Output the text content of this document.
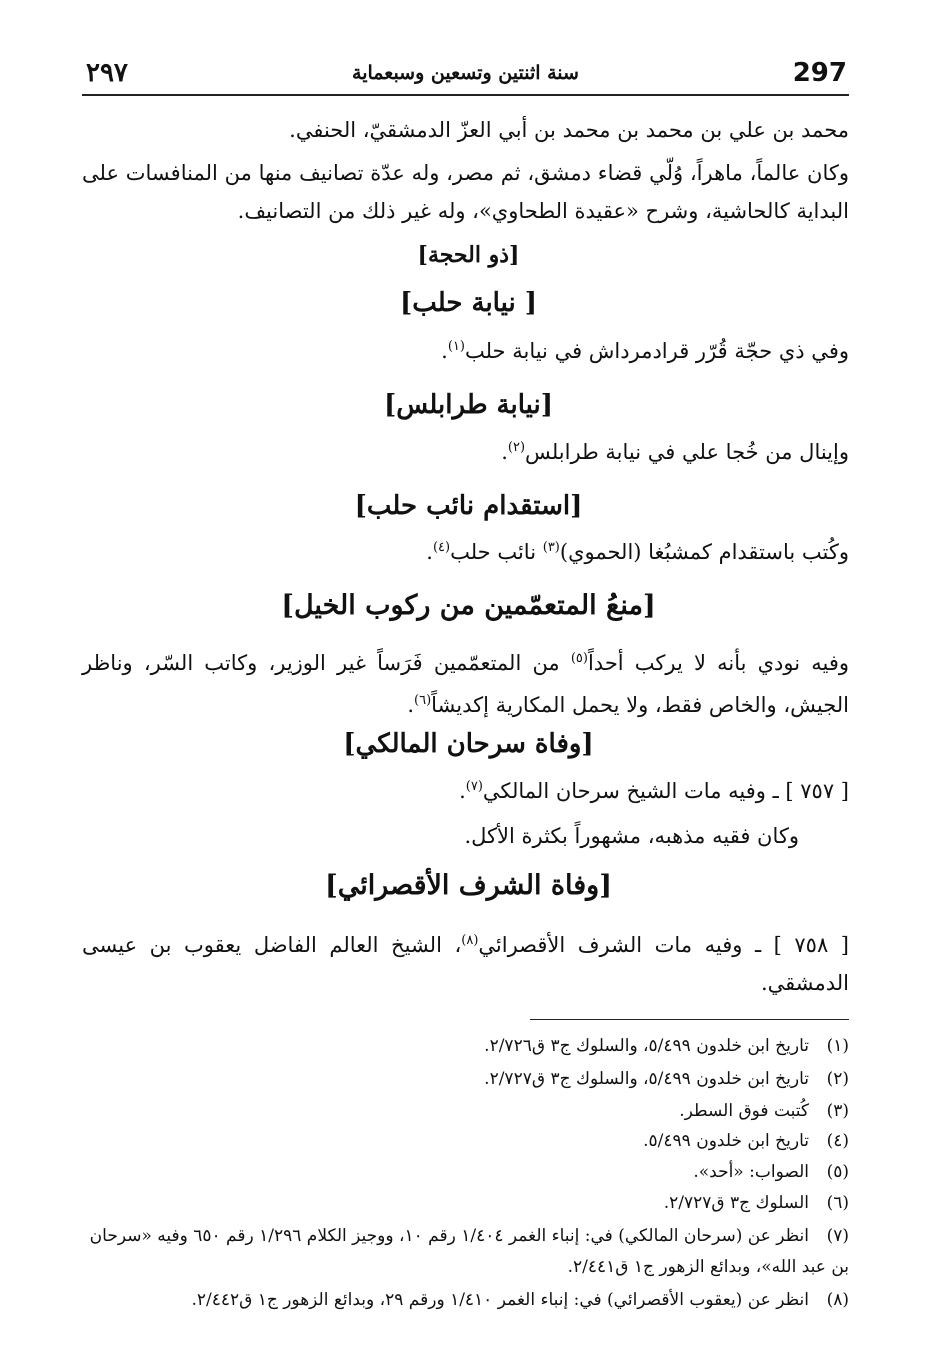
٢٩٧	سنة اثنتين وتسعين وسبعماية	297
محمد بن علي بن محمد بن محمد بن أبي العزّ الدمشقيّ، الحنفي.
وكان عالماً، ماهراً، وُلّي قضاء دمشق، ثم مصر، وله عدّة تصانيف منها من المنافسات على البداية كالحاشية، وشرح «عقيدة الطحاوي»، وله غير ذلك من التصانيف.
[ذو الحجة]
[ نيابة حلب]
وفي ذي حجّة قُرّر قرادمرداش في نيابة حلب$^{(١)}$.
[نيابة طرابلس]
وإينال من خُجا علي في نيابة طرابلس$^{(٢)}$.
[استقدام نائب حلب]
وكُتب باستقدام كمشبُغا (الحموي)$^{(٣)}$ نائب حلب$^{(٤)}$.
[منعُ المتعمّمين من ركوب الخيل]
وفيه نودي بأنه لا يركب أحداً$^{(٥)}$ من المتعمّمين فَرَساً غير الوزير، وكاتب السّر، وناظر الجيش، والخاص فقط، ولا يحمل المكارية إكديشاً$^{(٦)}$.
[وفاة سرحان المالكي]
[ ٧٥٧ ] ـ وفيه مات الشيخ سرحان المالكي$^{(٧)}$.
وكان فقيه مذهبه، مشهوراً بكثرة الأكل.
[وفاة الشرف الأقصرائي]
[ ٧٥٨ ] ـ وفيه مات الشرف الأقصرائي$^{(٨)}$، الشيخ العالم الفاضل يعقوب بن عيسى الدمشقي.
(١)تاريخ ابن خلدون ٥/٤٩٩، والسلوك ج٣ ق٢/٧٢٦.
(٢)تاريخ ابن خلدون ٥/٤٩٩، والسلوك ج٣ ق٢/٧٢٧.
(٣)كُتبت فوق السطر.
(٤)تاريخ ابن خلدون ٥/٤٩٩.
(٥)الصواب: «أحد».
(٦)السلوك ج٣ ق٢/٧٢٧.
(٧)انظر عن (سرحان المالكي) في: إنباء الغمر ١/٤٠٤ رقم ١٠، ووجيز الكلام ١/٢٩٦ رقم ٦٥٠ وفيه «سرحان بن عبد الله»، وبدائع الزهور ج١ ق٢/٤٤١.
(٨)انظر عن (يعقوب الأقصرائي) في: إنباء الغمر ١/٤١٠ ورقم ٢٩، وبدائع الزهور ج١ ق٢/٤٤٢.
